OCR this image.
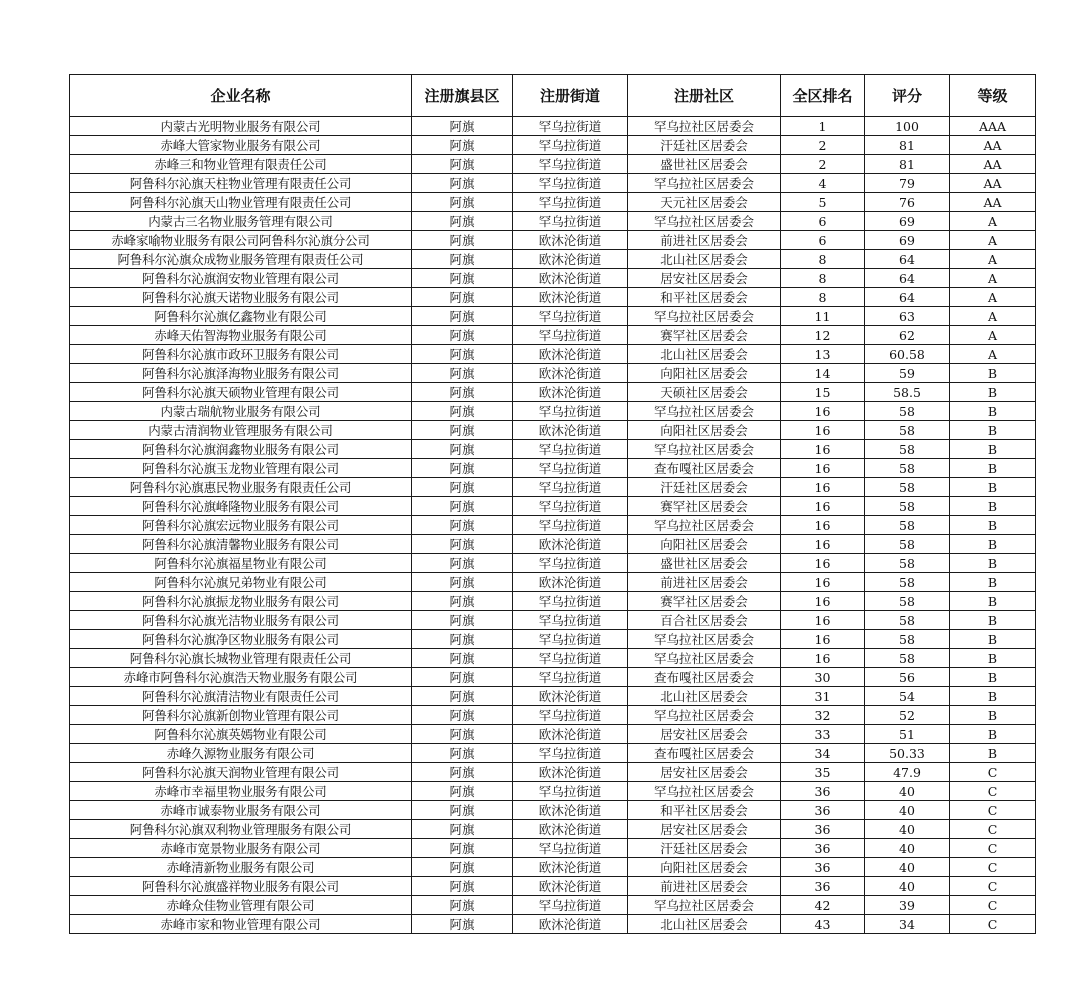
企业名称	注册旗县区	注册街道	注册社区	全区排名	评分	等级
内蒙古光明物业服务有限公司	阿旗	罕乌拉街道	罕乌拉社区居委会	1	100	AAA
赤峰大管家物业服务有限公司	阿旗	罕乌拉街道	汗廷社区居委会	2	81	AA
赤峰三和物业管理有限责任公司	阿旗	罕乌拉街道	盛世社区居委会	2	81	AA
阿鲁科尔沁旗天柱物业管理有限责任公司	阿旗	罕乌拉街道	罕乌拉社区居委会	4	79	AA
阿鲁科尔沁旗天山物业管理有限责任公司	阿旗	罕乌拉街道	天元社区居委会	5	76	AA
内蒙古三名物业服务管理有限公司	阿旗	罕乌拉街道	罕乌拉社区居委会	6	69	A
赤峰家喻物业服务有限公司阿鲁科尔沁旗分公司	阿旗	欧沐沦街道	前进社区居委会	6	69	A
阿鲁科尔沁旗众成物业服务管理有限责任公司	阿旗	欧沐沦街道	北山社区居委会	8	64	A
阿鲁科尔沁旗润安物业管理有限公司	阿旗	欧沐沦街道	居安社区居委会	8	64	A
阿鲁科尔沁旗天诺物业服务有限公司	阿旗	欧沐沦街道	和平社区居委会	8	64	A
阿鲁科尔沁旗亿鑫物业有限公司	阿旗	罕乌拉街道	罕乌拉社区居委会	11	63	A
赤峰天佑智海物业服务有限公司	阿旗	罕乌拉街道	赛罕社区居委会	12	62	A
阿鲁科尔沁旗市政环卫服务有限公司	阿旗	欧沐沦街道	北山社区居委会	13	60.58	A
阿鲁科尔沁旗泽海物业服务有限公司	阿旗	欧沐沦街道	向阳社区居委会	14	59	B
阿鲁科尔沁旗天硕物业管理有限公司	阿旗	欧沐沦街道	天硕社区居委会	15	58.5	B
内蒙古瑞航物业服务有限公司	阿旗	罕乌拉街道	罕乌拉社区居委会	16	58	B
内蒙古清润物业管理服务有限公司	阿旗	欧沐沦街道	向阳社区居委会	16	58	B
阿鲁科尔沁旗润鑫物业服务有限公司	阿旗	罕乌拉街道	罕乌拉社区居委会	16	58	B
阿鲁科尔沁旗玉龙物业管理有限公司	阿旗	罕乌拉街道	查布嘎社区居委会	16	58	B
阿鲁科尔沁旗惠民物业服务有限责任公司	阿旗	罕乌拉街道	汗廷社区居委会	16	58	B
阿鲁科尔沁旗峰隆物业服务有限公司	阿旗	罕乌拉街道	赛罕社区居委会	16	58	B
阿鲁科尔沁旗宏远物业服务有限公司	阿旗	罕乌拉街道	罕乌拉社区居委会	16	58	B
阿鲁科尔沁旗清馨物业服务有限公司	阿旗	欧沐沦街道	向阳社区居委会	16	58	B
阿鲁科尔沁旗福星物业有限公司	阿旗	罕乌拉街道	盛世社区居委会	16	58	B
阿鲁科尔沁旗兄弟物业有限公司	阿旗	欧沐沦街道	前进社区居委会	16	58	B
阿鲁科尔沁旗振龙物业服务有限公司	阿旗	罕乌拉街道	赛罕社区居委会	16	58	B
阿鲁科尔沁旗光洁物业服务有限公司	阿旗	罕乌拉街道	百合社区居委会	16	58	B
阿鲁科尔沁旗净区物业服务有限公司	阿旗	罕乌拉街道	罕乌拉社区居委会	16	58	B
阿鲁科尔沁旗长城物业管理有限责任公司	阿旗	罕乌拉街道	罕乌拉社区居委会	16	58	B
赤峰市阿鲁科尔沁旗浩天物业服务有限公司	阿旗	罕乌拉街道	查布嘎社区居委会	30	56	B
阿鲁科尔沁旗清洁物业有限责任公司	阿旗	欧沐沦街道	北山社区居委会	31	54	B
阿鲁科尔沁旗新创物业管理有限公司	阿旗	罕乌拉街道	罕乌拉社区居委会	32	52	B
阿鲁科尔沁旗英嫣物业有限公司	阿旗	欧沐沦街道	居安社区居委会	33	51	B
赤峰久源物业服务有限公司	阿旗	罕乌拉街道	查布嘎社区居委会	34	50.33	B
阿鲁科尔沁旗天润物业管理有限公司	阿旗	欧沐沦街道	居安社区居委会	35	47.9	C
赤峰市幸福里物业服务有限公司	阿旗	罕乌拉街道	罕乌拉社区居委会	36	40	C
赤峰市诚泰物业服务有限公司	阿旗	欧沐沦街道	和平社区居委会	36	40	C
阿鲁科尔沁旗双利物业管理服务有限公司	阿旗	欧沐沦街道	居安社区居委会	36	40	C
赤峰市宽景物业服务有限公司	阿旗	罕乌拉街道	汗廷社区居委会	36	40	C
赤峰清新物业服务有限公司	阿旗	欧沐沦街道	向阳社区居委会	36	40	C
阿鲁科尔沁旗盛祥物业服务有限公司	阿旗	欧沐沦街道	前进社区居委会	36	40	C
赤峰众佳物业管理有限公司	阿旗	罕乌拉街道	罕乌拉社区居委会	42	39	C
赤峰市家和物业管理有限公司	阿旗	欧沐沦街道	北山社区居委会	43	34	C
